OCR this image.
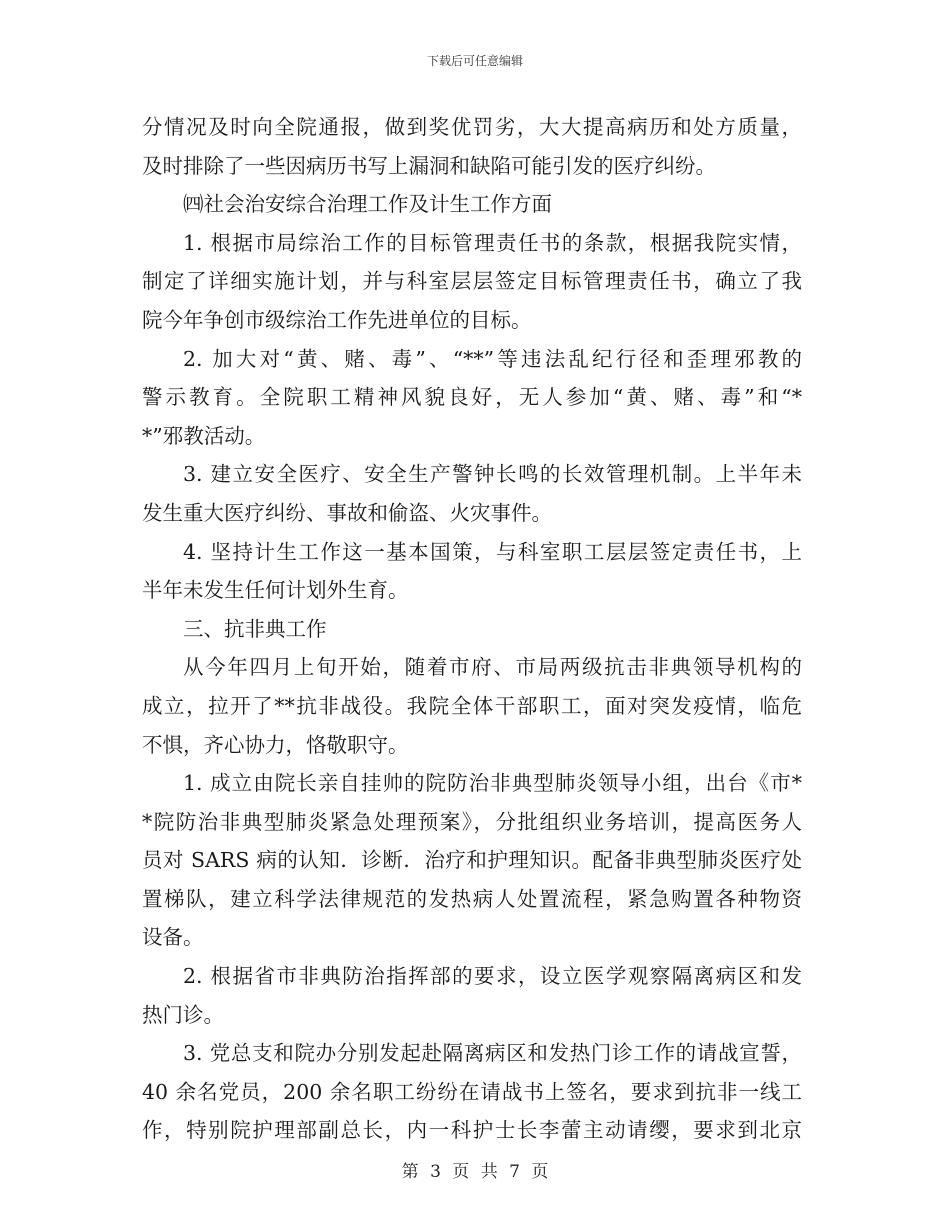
下载后可任意编辑
分情况及时向全院通报，做到奖优罚劣，大大提高病历和处方质量，
及时排除了一些因病历书写上漏洞和缺陷可能引发的医疗纠纷。
㈣社会治安综合治理工作及计生工作方面
1. 根据市局综治工作的目标管理责任书的条款，根据我院实情，
制定了详细实施计划，并与科室层层签定目标管理责任书，确立了我
院今年争创市级综治工作先进单位的目标。
2. 加大对“黄、赌、毒”、“**”等违法乱纪行径和歪理邪教的
警示教育。全院职工精神风貌良好，无人参加“黄、赌、毒”和“*
*”邪教活动。
3. 建立安全医疗、安全生产警钟长鸣的长效管理机制。上半年未
发生重大医疗纠纷、事故和偷盗、火灾事件。
4. 坚持计生工作这一基本国策，与科室职工层层签定责任书，上
半年未发生任何计划外生育。
三、抗非典工作
从今年四月上旬开始，随着市府、市局两级抗击非典领导机构的
成立，拉开了**抗非战役。我院全体干部职工，面对突发疫情，临危
不惧，齐心协力，恪敬职守。
1. 成立由院长亲自挂帅的院防治非典型肺炎领导小组，出台《市*
*院防治非典型肺炎紧急处理预案》，分批组织业务培训，提高医务人
员对 SARS 病的认知．诊断．治疗和护理知识。配备非典型肺炎医疗处
置梯队，建立科学法律规范的发热病人处置流程，紧急购置各种物资
设备。
2. 根据省市非典防治指挥部的要求，设立医学观察隔离病区和发
热门诊。
3. 党总支和院办分别发起赴隔离病区和发热门诊工作的请战宣誓，
40 余名党员，200 余名职工纷纷在请战书上签名，要求到抗非一线工
作，特别院护理部副总长，内一科护士长李蕾主动请缨，要求到北京
第 3 页 共 7 页
